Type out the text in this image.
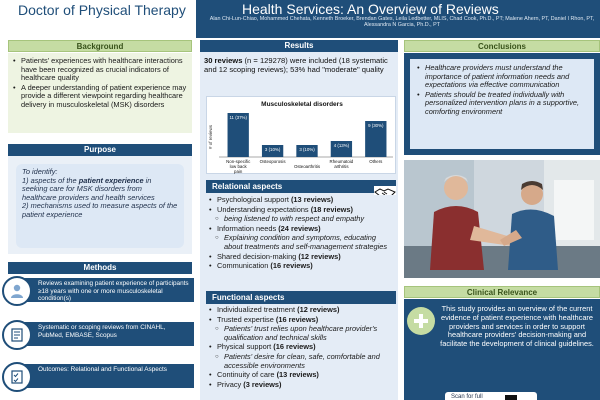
Doctor of Physical Therapy	Health Services: An Overview of Reviews
Alan Chi-Lun-Chiao, Mohammed Chehata, Kenneth Broeker, Brendan Gates, Leila Ledbetter, MLIS, Chad Cook, Ph.D., PT; Malene Ahern, PT, Daniel I Rhon, PT, Alessandra N Garcia, Ph.D., PT
Background
• Patients' experiences with healthcare interactions have been recognized as crucial indicators of healthcare quality
• A deeper understanding of patient experience may provide a different viewpoint regarding healthcare delivery in musculoskeletal (MSK) disorders
Purpose
To identify:
1) aspects of the patient experience in seeking care for MSK disorders from healthcare providers and health services
2) mechanisms used to measure aspects of the patient experience
Methods
Reviews examining patient experience of participants ≥18 years with one or more musculoskeletal condition(s)
Systematic or scoping reviews from CINAHL, PubMed, EMBASE, Scopus
Outcomes: Relational and Functional Aspects
Results
30 reviews (n = 129278) were included (18 systematic and 12 scoping reviews); 53% had "moderate" quality
Musculoskeletal disorders
# of reviews
11 (37%)
Non-specific low back pain
3 (10%)
Osteoporosis
3 (10%)
Osteoarthritis
4 (13%)
Rheumatoid arthritis
9 (30%)
Others
Relational aspects
• Psychological support (13 reviews)
• Understanding expectations (18 reviews)
○ being listened to with respect and empathy
• Information needs (24 reviews)
○ Explaining condition and symptoms, educating about treatments and self-management strategies
• Shared decision-making (12 reviews)
• Communication (16 reviews)
Functional aspects
• Individualized treatment (12 reviews)
• Trusted expertise (16 reviews)
○ Patients' trust relies upon healthcare provider's qualification and technical skills
• Physical support (16 reviews)
○ Patients' desire for clean, safe, comfortable and accessible environments
• Continuity of care (13 reviews)
• Privacy (3 reviews)
Conclusions
• Healthcare providers must understand the importance of patient information needs and expectations via effective communication
• Patients should be treated individually with personalized intervention plans in a supportive, comforting environment
Clinical Relevance
This study provides an overview of the current evidence of patient experience with healthcare providers and services in order to support healthcare providers' decision-making and facilitate the development of clinical guidelines.
Scan for full
